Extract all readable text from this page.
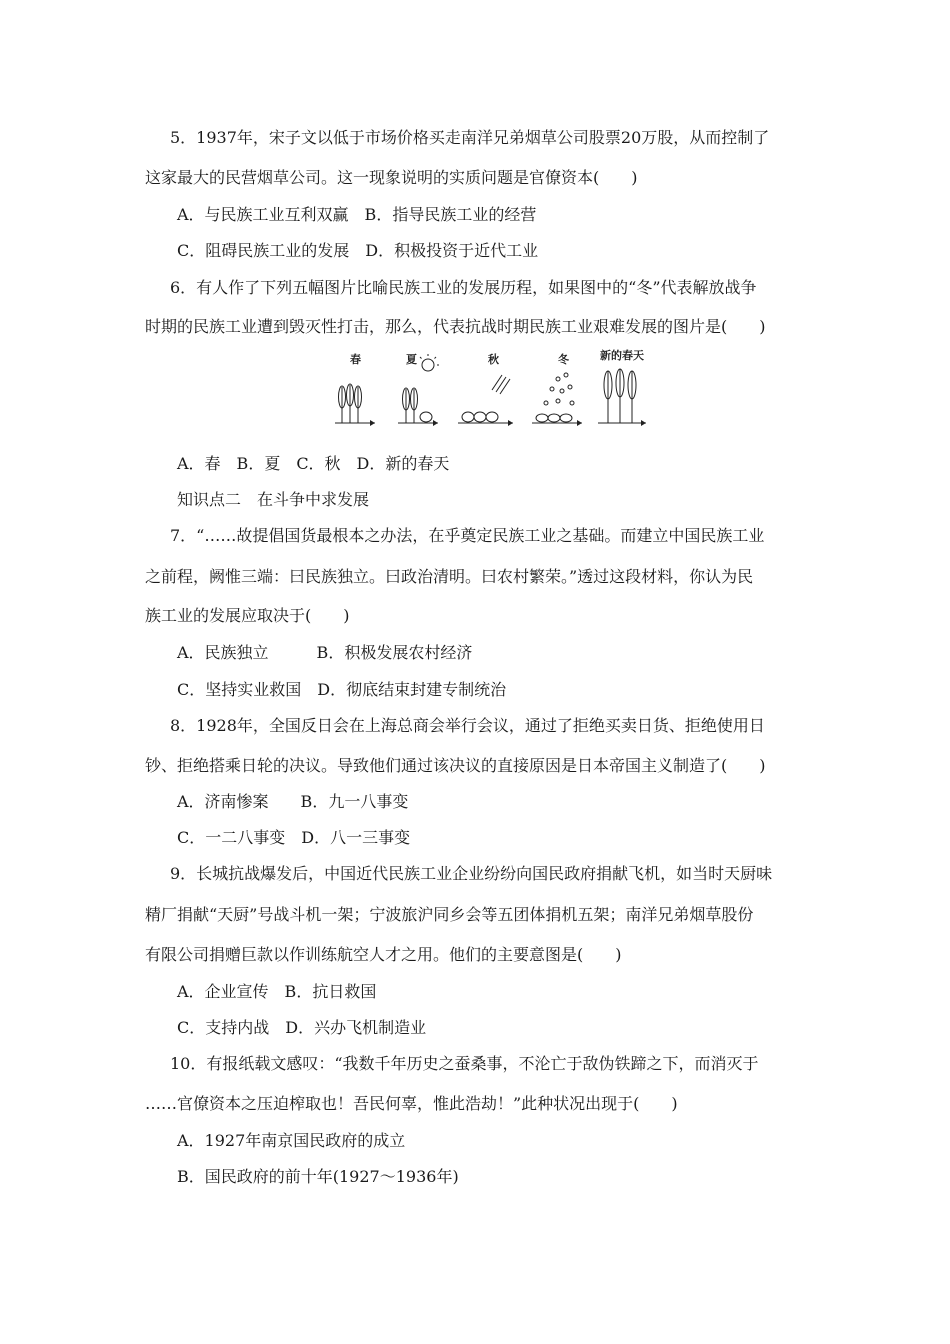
5．1937年，宋子文以低于市场价格买走南洋兄弟烟草公司股票20万股，从而控制了
这家最大的民营烟草公司。这一现象说明的实质问题是官僚资本(　　)
A．与民族工业互利双赢　B．指导民族工业的经营
C．阻碍民族工业的发展　D．积极投资于近代工业
6．有人作了下列五幅图片比喻民族工业的发展历程，如果图中的“冬”代表解放战争
时期的民族工业遭到毁灭性打击，那么，代表抗战时期民族工业艰难发展的图片是(　　)
春	夏	秋	冬	新的春天
A．春　B．夏　C．秋　D．新的春天
知识点二　在斗争中求发展
7．“……故提倡国货最根本之办法，在乎奠定民族工业之基础。而建立中国民族工业
之前程，阙惟三端：曰民族独立。曰政治清明。曰农村繁荣。”透过这段材料，你认为民
族工业的发展应取决于(　　)
A．民族独立　　　B．积极发展农村经济
C．坚持实业救国　D．彻底结束封建专制统治
8．1928年，全国反日会在上海总商会举行会议，通过了拒绝买卖日货、拒绝使用日
钞、拒绝搭乘日轮的决议。导致他们通过该决议的直接原因是日本帝国主义制造了(　　)
A．济南惨案　　B．九一八事变
C．一二八事变　D．八一三事变
9．长城抗战爆发后，中国近代民族工业企业纷纷向国民政府捐献飞机，如当时天厨味
精厂捐献“天厨”号战斗机一架；宁波旅沪同乡会等五团体捐机五架；南洋兄弟烟草股份
有限公司捐赠巨款以作训练航空人才之用。他们的主要意图是(　　)
A．企业宣传　B．抗日救国
C．支持内战　D．兴办飞机制造业
10．有报纸载文感叹：“我数千年历史之蚕桑事，不沦亡于敌伪铁蹄之下，而消灭于
……官僚资本之压迫榨取也！吾民何辜，惟此浩劫！”此种状况出现于(　　)
A．1927年南京国民政府的成立
B．国民政府的前十年(1927～1936年)
